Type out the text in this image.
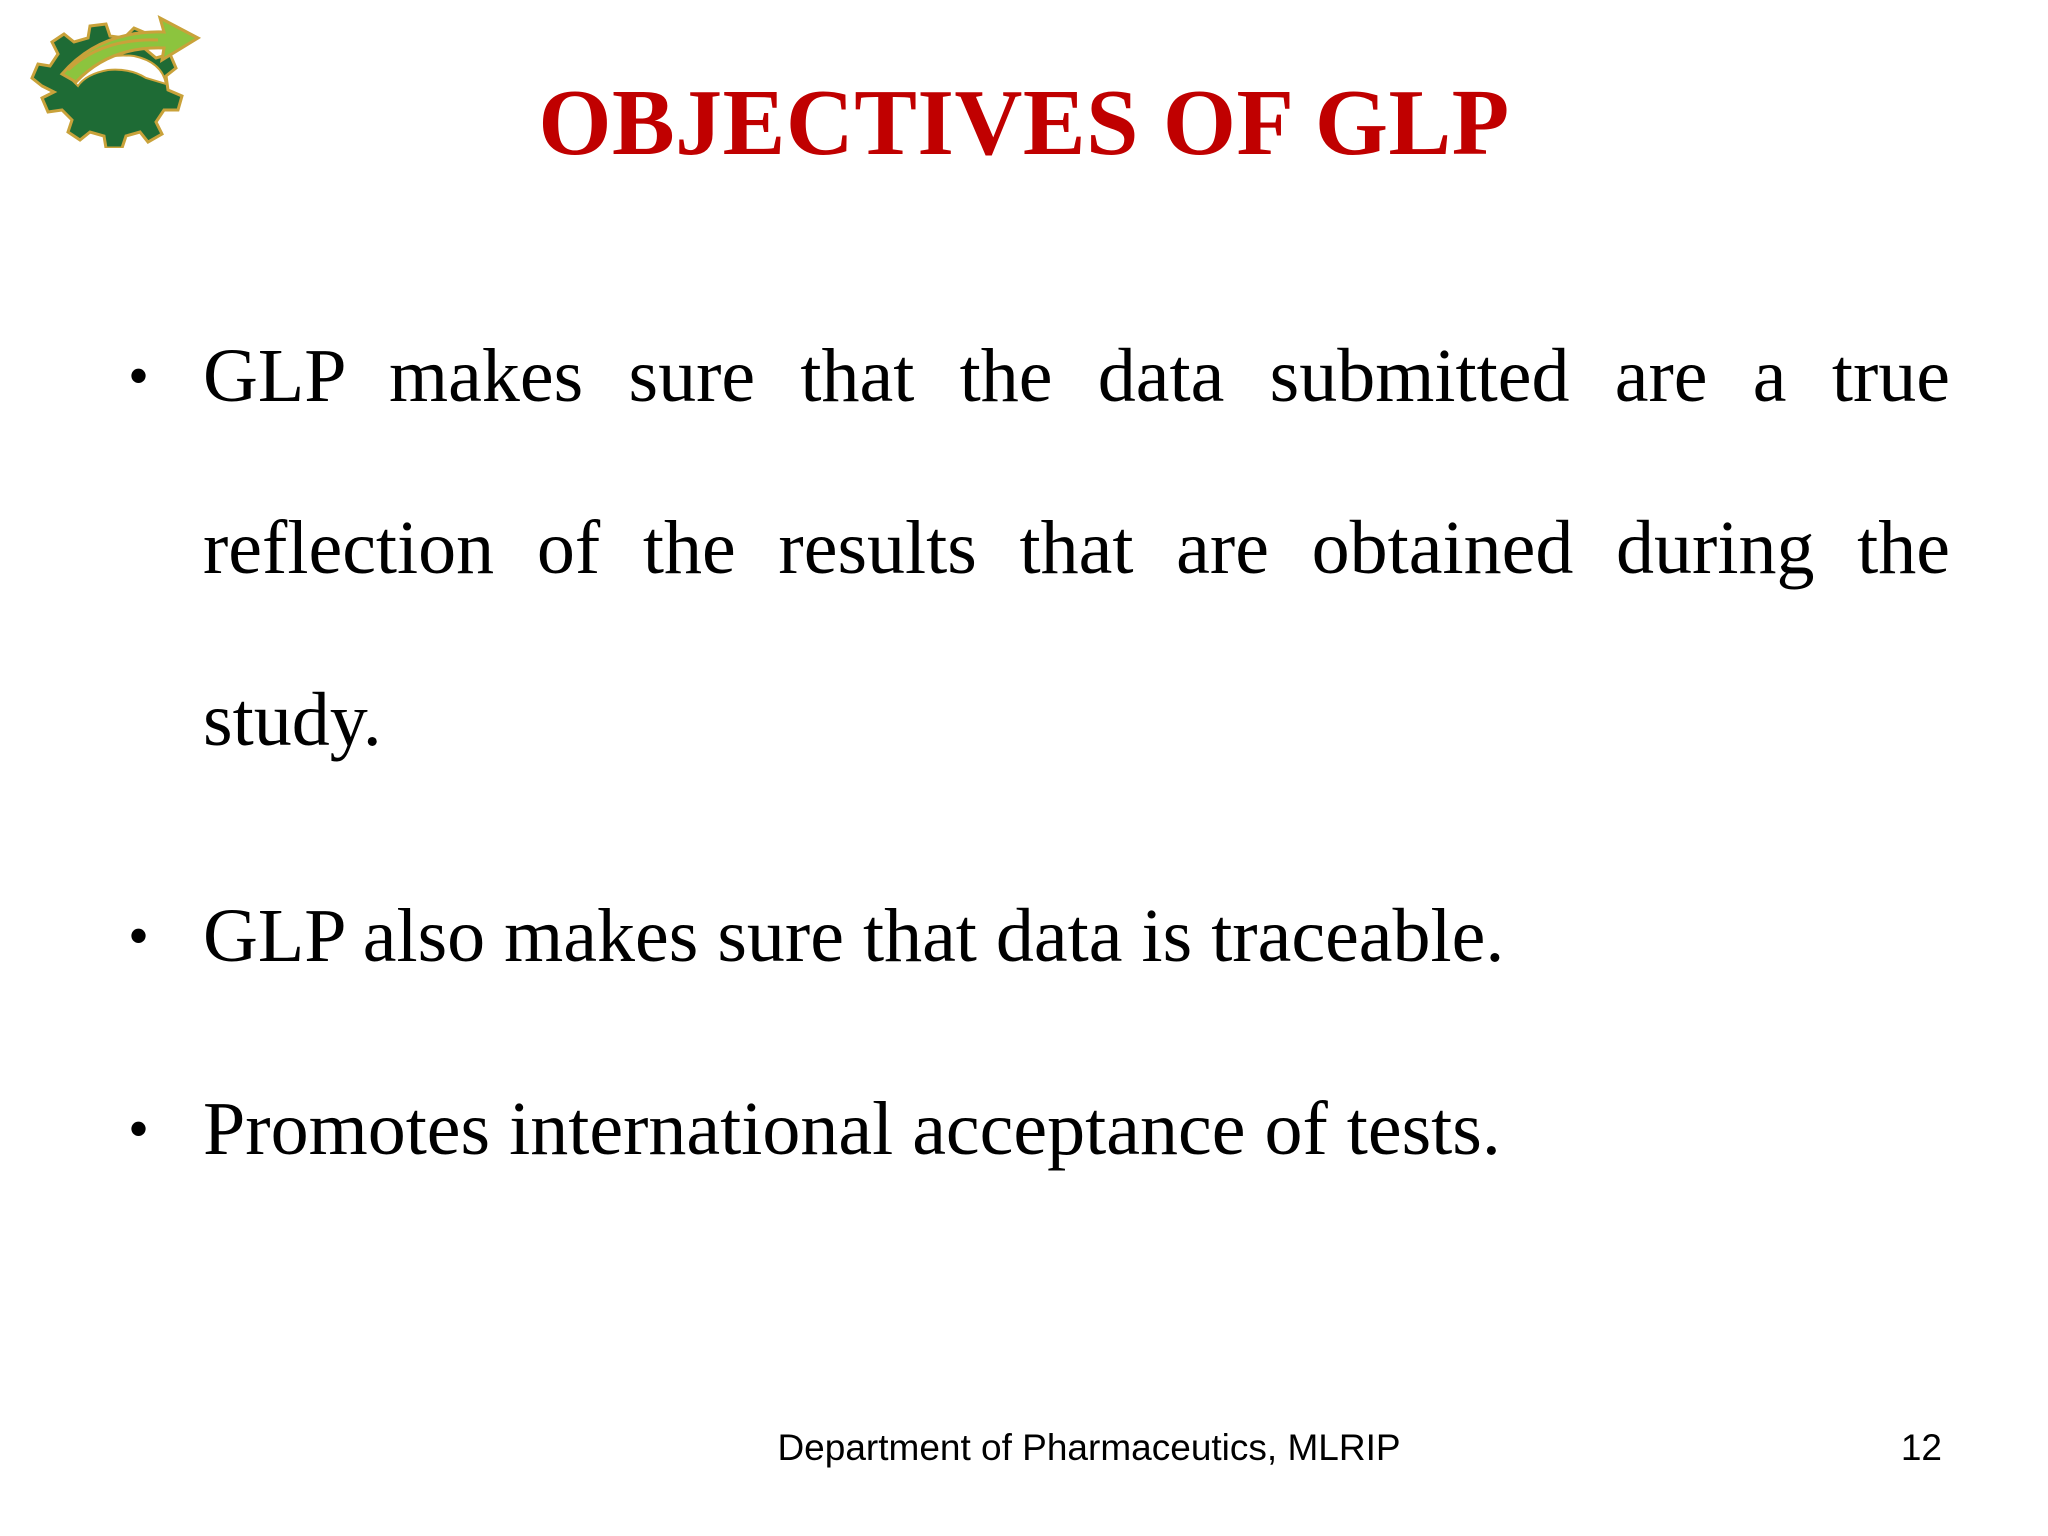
OBJECTIVES OF GLP
• GLP makes sure that the data submitted are a true reflection of the results that are obtained during the study.
• GLP also makes sure that data is traceable.
• Promotes international acceptance of tests.
Department of Pharmaceutics, MLRIP	12
